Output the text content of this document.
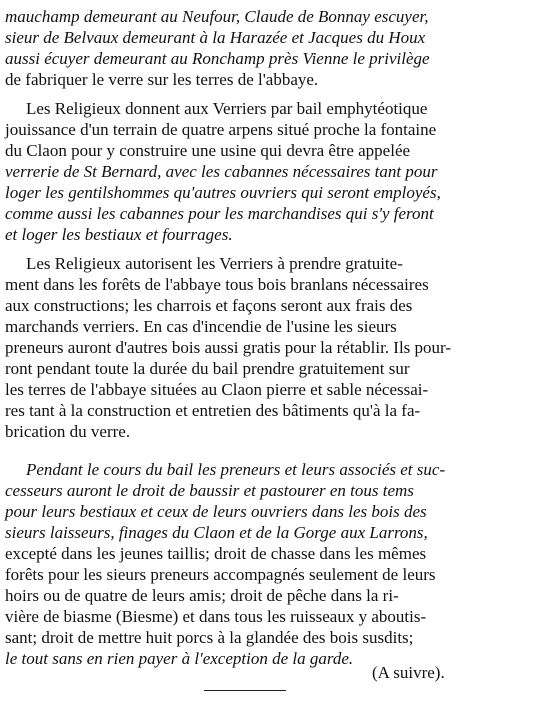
mauchamp demeurant au Neufour, Claude de Bonnay escuyer,

sieur de Belvaux demeurant à la Harazée et Jacques du Houx

aussi écuyer demeurant au Ronchamp près Vienne le privilège

de fabriquer le verre sur les terres de l'abbaye.

Les Religieux donnent aux Verriers par bail emphytéotique

jouissance d'un terrain de quatre arpens situé proche la fontaine

du Claon pour y construire une usine qui devra être appelée

verrerie de St Bernard, avec les cabannes nécessaires tant pour

loger les gentilshommes qu'autres ouvriers qui seront employés,

comme aussi les cabannes pour les marchandises qui s'y feront

et loger les bestiaux et fourrages.

Les Religieux autorisent les Verriers à prendre gratuite-

ment dans les forêts de l'abbaye tous bois branlans nécessaires

aux constructions; les charrois et façons seront aux frais des

marchands verriers. En cas d'incendie de l'usine les sieurs

preneurs auront d'autres bois aussi gratis pour la rétablir. Ils pour-

ront pendant toute la durée du bail prendre gratuitement sur

les terres de l'abbaye situées au Claon pierre et sable nécessai-

res tant à la construction et entretien des bâtiments qu'à la fa-

brication du verre.

Pendant le cours du bail les preneurs et leurs associés et suc-

cesseurs auront le droit de baussir et pastourer en tous tems

pour leurs bestiaux et ceux de leurs ouvriers dans les bois des

sieurs laisseurs, finages du Claon et de la Gorge aux Larrons,

excepté dans les jeunes taillis; droit de chasse dans les mêmes

forêts pour les sieurs preneurs accompagnés seulement de leurs

hoirs ou de quatre de leurs amis; droit de pêche dans la ri-

vière de biasme (Biesme) et dans tous les ruisseaux y aboutis-

sant; droit de mettre huit porcs à la glandée des bois susdits;

le tout sans en rien payer à l'exception de la garde.

(A suivre).
